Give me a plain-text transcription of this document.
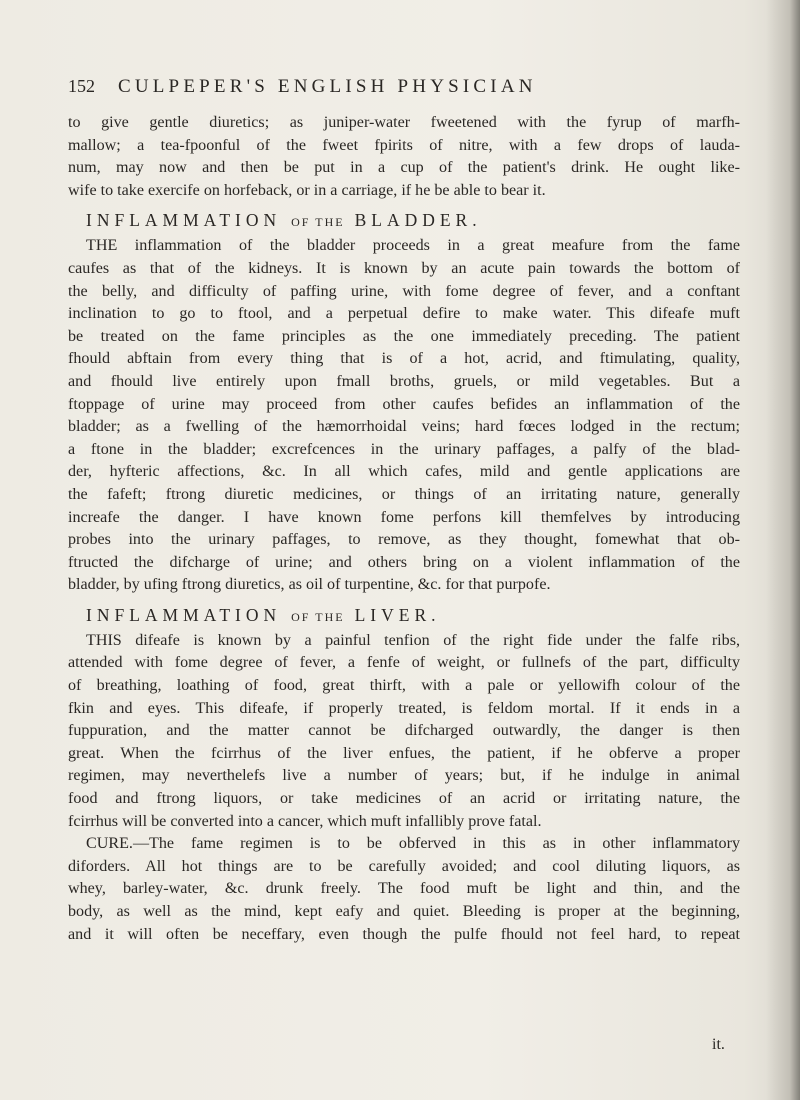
152 CULPEPER'S ENGLISH PHYSICIAN
to give gentle diuretics; as juniper-water fweetened with the fyrup of marfh-
mallow; a tea-fpoonful of the fweet fpirits of nitre, with a few drops of lauda-
num, may now and then be put in a cup of the patient's drink. He ought like-
wife to take exercife on horfeback, or in a carriage, if he be able to bear it.
INFLAMMATION OF THE BLADDER.
THE inflammation of the bladder proceeds in a great meafure from the fame
caufes as that of the kidneys. It is known by an acute pain towards the bottom of
the belly, and difficulty of paffing urine, with fome degree of fever, and a conftant
inclination to go to ftool, and a perpetual defire to make water. This difeafe muft
be treated on the fame principles as the one immediately preceding. The patient
fhould abftain from every thing that is of a hot, acrid, and ftimulating, quality,
and fhould live entirely upon fmall broths, gruels, or mild vegetables. But a
ftoppage of urine may proceed from other caufes befides an inflammation of the
bladder; as a fwelling of the hæmorrhoidal veins; hard fœces lodged in the rectum;
a ftone in the bladder; excrefcences in the urinary paffages, a palfy of the blad-
der, hyfteric affections, &c. In all which cafes, mild and gentle applications are
the fafeft; ftrong diuretic medicines, or things of an irritating nature, generally
increafe the danger. I have known fome perfons kill themfelves by introducing
probes into the urinary paffages, to remove, as they thought, fomewhat that ob-
ftructed the difcharge of urine; and others bring on a violent inflammation of the
bladder, by ufing ftrong diuretics, as oil of turpentine, &c. for that purpofe.
INFLAMMATION OF THE LIVER.
THIS difeafe is known by a painful tenfion of the right fide under the falfe ribs,
attended with fome degree of fever, a fenfe of weight, or fullnefs of the part, difficulty
of breathing, loathing of food, great thirft, with a pale or yellowifh colour of the
fkin and eyes. This difeafe, if properly treated, is feldom mortal. If it ends in a
fuppuration, and the matter cannot be difcharged outwardly, the danger is then
great. When the fcirrhus of the liver enfues, the patient, if he obferve a proper
regimen, may neverthelefs live a number of years; but, if he indulge in animal
food and ftrong liquors, or take medicines of an acrid or irritating nature, the
fcirrhus will be converted into a cancer, which muft infallibly prove fatal.
CURE.—The fame regimen is to be obferved in this as in other inflammatory
diforders. All hot things are to be carefully avoided; and cool diluting liquors, as
whey, barley-water, &c. drunk freely. The food muft be light and thin, and the
body, as well as the mind, kept eafy and quiet. Bleeding is proper at the beginning,
and it will often be neceffary, even though the pulfe fhould not feel hard, to repeat
it.
